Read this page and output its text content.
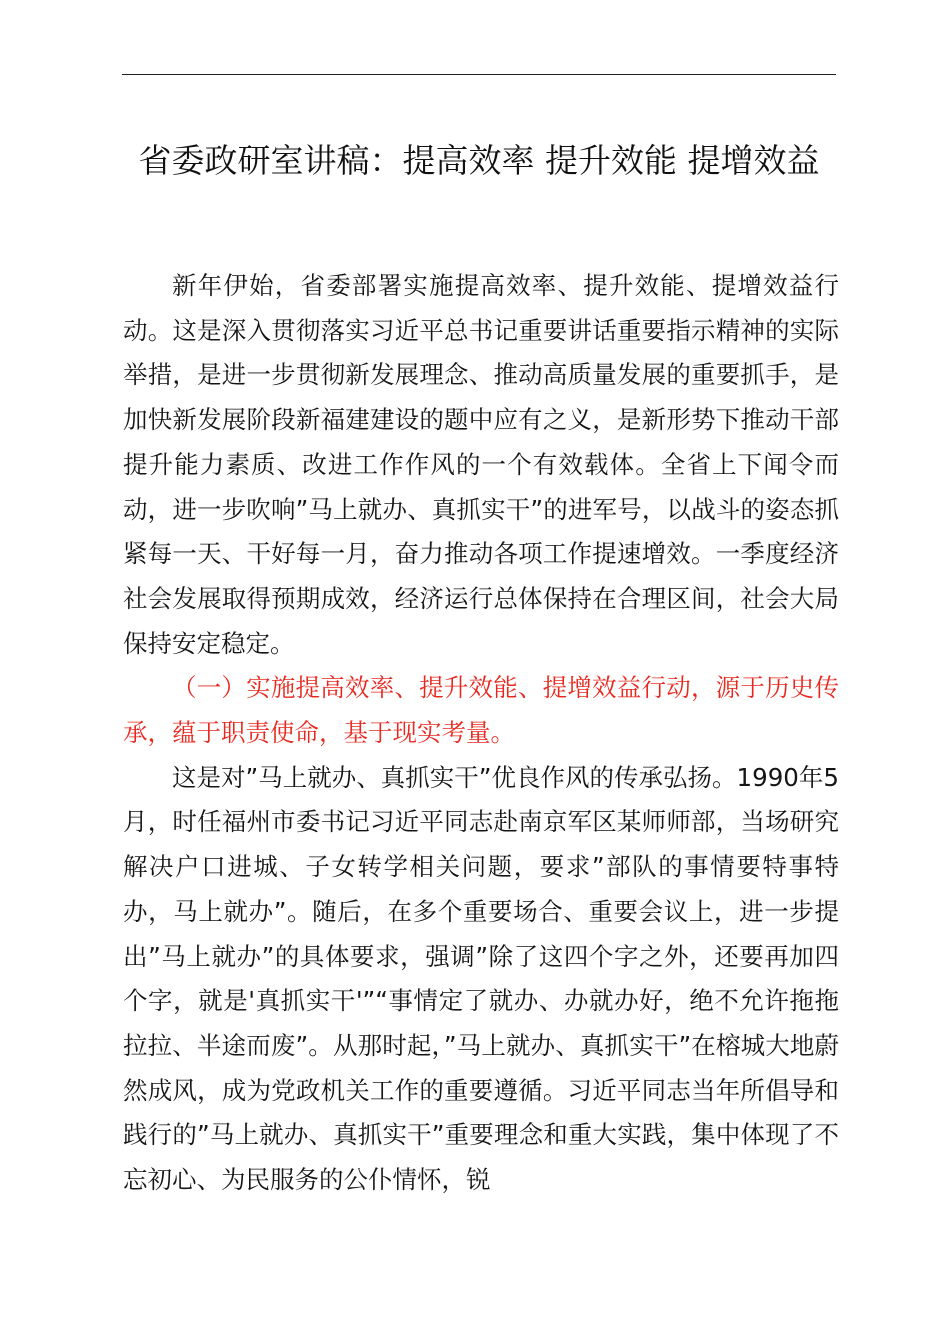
省委政研室讲稿：提高效率 提升效能 提增效益

新年伊始，省委部署实施提高效率、提升效能、提增效益行动。这是深入贯彻落实习近平总书记重要讲话重要指示精神的实际举措，是进一步贯彻新发展理念、推动高质量发展的重要抓手，是加快新发展阶段新福建建设的题中应有之义，是新形势下推动干部提升能力素质、改进工作作风的一个有效载体。全省上下闻令而动，进一步吹响”马上就办、真抓实干”的进军号，以战斗的姿态抓紧每一天、干好每一月，奋力推动各项工作提速增效。一季度经济社会发展取得预期成效，经济运行总体保持在合理区间，社会大局保持安定稳定。

（一）实施提高效率、提升效能、提增效益行动，源于历史传承，蕴于职责使命，基于现实考量。

这是对”马上就办、真抓实干”优良作风的传承弘扬。1990年5月，时任福州市委书记习近平同志赴南京军区某师师部，当场研究解决户口进城、子女转学相关问题，要求”部队的事情要特事特办，马上就办”。随后，在多个重要场合、重要会议上，进一步提出”马上就办”的具体要求，强调”除了这四个字之外，还要再加四个字，就是'真抓实干'”“事情定了就办、办就办好，绝不允许拖拖拉拉、半途而废”。从那时起，”马上就办、真抓实干”在榕城大地蔚然成风，成为党政机关工作的重要遵循。习近平同志当年所倡导和践行的”马上就办、真抓实干”重要理念和重大实践，集中体现了不忘初心、为民服务的公仆情怀，锐
